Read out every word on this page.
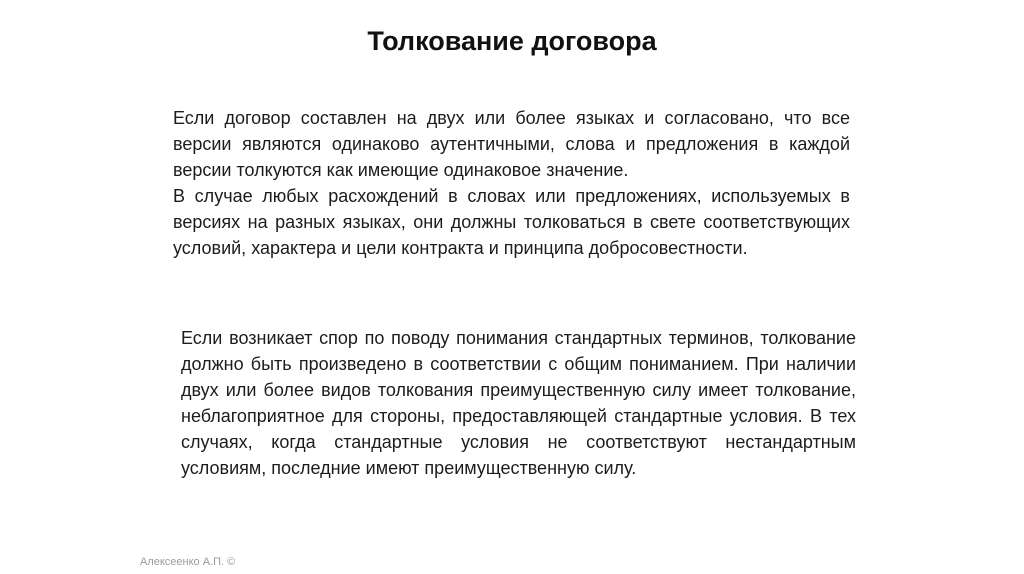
Толкование договора

Если договор составлен на двух или более языках и согласовано, что все версии являются одинаково аутентичными, слова и предложения в каждой версии толкуются как имеющие одинаковое значение.

В случае любых расхождений в словах или предложениях, используемых в версиях на разных языках, они должны толковаться в свете соответствующих условий, характера и цели контракта и принципа добросовестности.

Если возникает спор по поводу понимания стандартных терминов, толкование должно быть произведено в соответствии с общим пониманием. При наличии двух или более видов толкования преимущественную силу имеет толкование, неблагоприятное для стороны, предоставляющей стандартные условия. В тех случаях, когда стандартные условия не соответствуют нестандартным условиям, последние имеют преимущественную силу.

Алексеенко А.П. ©
